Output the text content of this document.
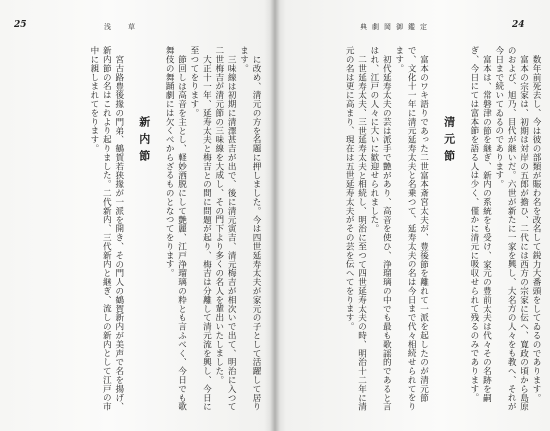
25	浅　草

に改め、清元の方を名題に押しました。今は四世延寿太夫が家元の子として活躍して居ります。

三味線は初期に清澤甚吉が出で、後に清元寅吉、清元梅吉が相次いで出て、明治に入つて二世梅吉が清元節の三味線を大成し、その門下より多くの名人を輩出いたしました。

大正十一年、延寿太夫と梅吉との間に問題が起り、梅吉は分離して清元流を興し、今日に至つてをります。

節回しは高音を主とし、軽妙洒脱にして艶麗、江戸浄瑠璃の粋とも言ふべく、今日でも歌舞伎の舞踊劇には欠くべからざるものとなつてをります。

新内節

宮古路豊後掾の門弟、鶴賀若狭掾が一派を開き、その門人の鶴賀新内が美声で名を揚げ、新内節の名はこれより起りました。二代新内、三代新内と継ぎ、流しの新内として江戸の市中に親しまれてをります。

典劇岡御鑑定	24

数年前死去し、今は彼の部類が賑わ名を改名して鋭力大番頭をしてゐるのであります。

富本の宗家は、初期は対岸の五郎が擔ひ、二代には西方の宗家に伝へ、寛政の頃から島原のおよび、旭乃、目代が継いだ。六世が新たに一家を興し、大名方の人々をも教へ、それが今日まで続いてゐるのであります。

富本は、常磐津の節を継ぎ、新内の系統をも受け、家元の豊前太夫は代々その名跡を嗣ぎ、今日にては富本節を語る人は少く、僅かに清元に吸収せられて残るのみであります。

清元節

富本のワキ語りであった二世富本斎宮太夫が、豊後節を離れて一派を起したのが清元節で、文化十一年に清元延寿太夫と名乗つて、延寿太夫の名は今日まで代々相続せられてをります。

初代延寿太夫の芸は派手で艶があり、高音を使ひ、浄瑠璃の中でも最も歌謡的であると言はれ、江戸の人々に大いに歓迎せられました。

二世延寿太夫、三世延寿太夫と相続し、明治に至つて四世延寿太夫の時、明治十二年に清元の名は更に高まり、現在は五世延寿太夫がその芸を伝へてをります。
